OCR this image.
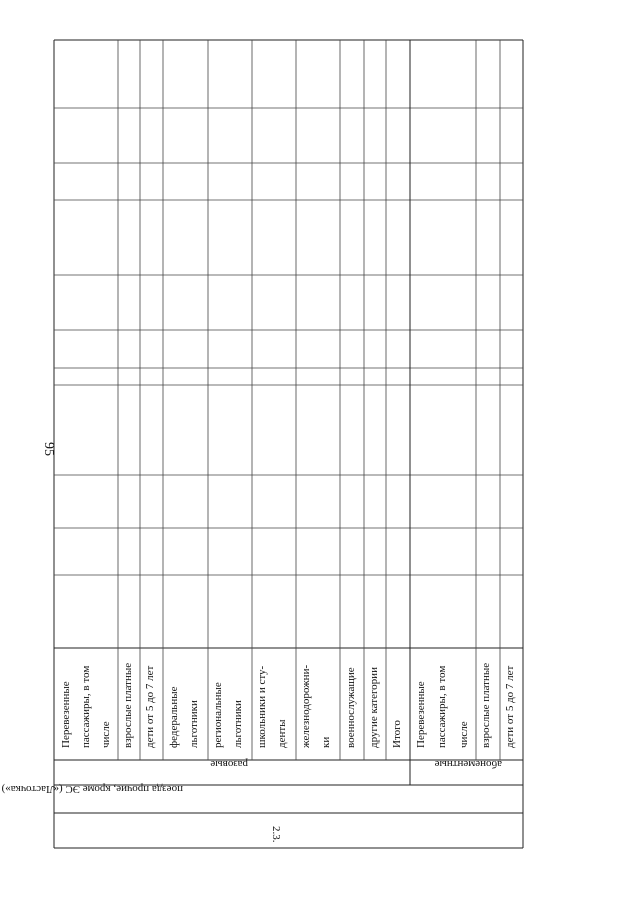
95
2.3.
поезда прочие, кроме ЭС («Ласточка»)
разовые	абонементные
Перевезенные пассажиры, в том числе взрослые платные дети от 5 до 7 лет федеральные льготники региональные льготники школьники и сту- денты железнодорожни- ки военнослужащие другие категории Итого Перевезенные пассажиры, в том числе взрослые платные дети от 5 до 7 лет
